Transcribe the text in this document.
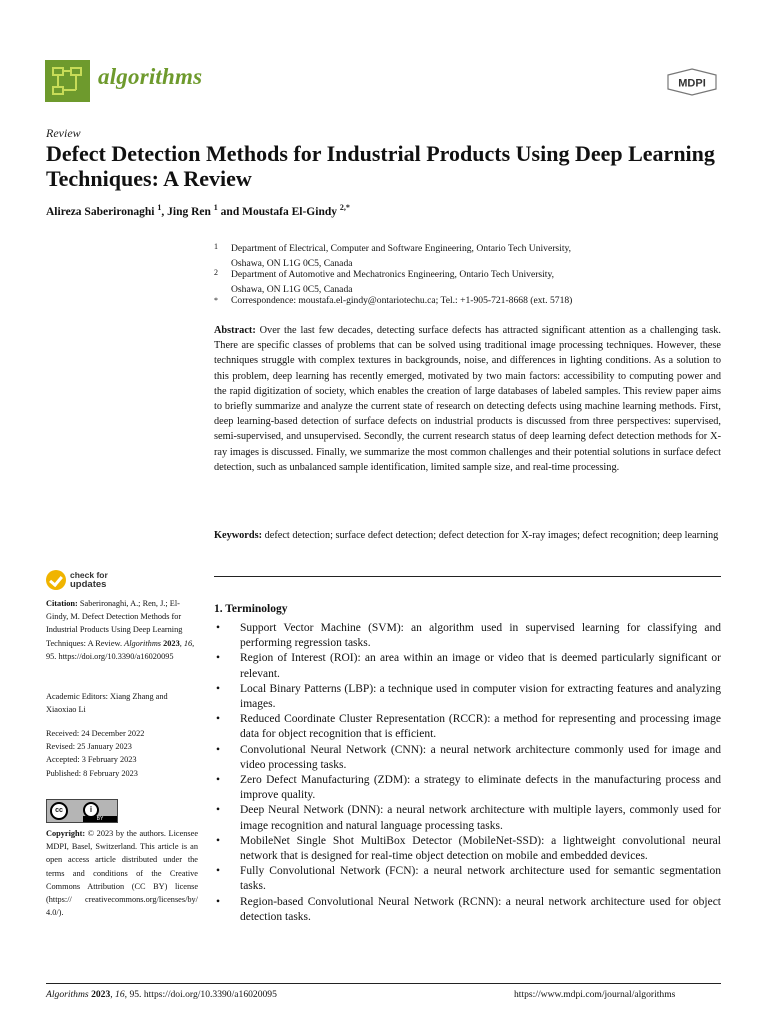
algorithms	MDPI
Review
Defect Detection Methods for Industrial Products Using Deep Learning Techniques: A Review
Alireza Saberironaghi $^1$, Jing Ren $^1$ and Moustafa El-Gindy $^{2,*}$
1 Department of Electrical, Computer and Software Engineering, Ontario Tech University,
Oshawa, ON L1G 0C5, Canada
2 Department of Automotive and Mechatronics Engineering, Ontario Tech University,
Oshawa, ON L1G 0C5, Canada
* Correspondence: moustafa.el-gindy@ontariotechu.ca; Tel.: +1-905-721-8668 (ext. 5718)
Abstract: Over the last few decades, detecting surface defects has attracted significant attention as a challenging task. There are specific classes of problems that can be solved using traditional image processing techniques. However, these techniques struggle with complex textures in backgrounds, noise, and differences in lighting conditions. As a solution to this problem, deep learning has recently emerged, motivated by two main factors: accessibility to computing power and the rapid digitization of society, which enables the creation of large databases of labeled samples. This review paper aims to briefly summarize and analyze the current state of research on detecting defects using machine learning methods. First, deep learning-based detection of surface defects on industrial products is discussed from three perspectives: supervised, semi-supervised, and unsupervised. Secondly, the current research status of deep learning defect detection methods for X-ray images is discussed. Finally, we summarize the most common challenges and their potential solutions in surface defect detection, such as unbalanced sample identification, limited sample size, and real-time processing.
Keywords: defect detection; surface defect detection; defect detection for X-ray images; defect recognition; deep learning
1. Terminology
• Support Vector Machine (SVM): an algorithm used in supervised learning for classifying and performing regression tasks.
• Region of Interest (ROI): an area within an image or video that is deemed particularly significant or relevant.
• Local Binary Patterns (LBP): a technique used in computer vision for extracting features and analyzing images.
• Reduced Coordinate Cluster Representation (RCCR): a method for representing and processing image data for object recognition that is efficient.
• Convolutional Neural Network (CNN): a neural network architecture commonly used for image and video processing tasks.
• Zero Defect Manufacturing (ZDM): a strategy to eliminate defects in the manufacturing process and improve quality.
• Deep Neural Network (DNN): a neural network architecture with multiple layers, commonly used for image recognition and natural language processing tasks.
• MobileNet Single Shot MultiBox Detector (MobileNet-SSD): a lightweight convolutional neural network that is designed for real-time object detection on mobile and embedded devices.
• Fully Convolutional Network (FCN): a neural network architecture used for semantic segmentation tasks.
• Region-based Convolutional Neural Network (RCNN): a neural network architecture used for object detection tasks.
check for
updates
Citation: Saberironaghi, A.; Ren, J.; El-Gindy, M. Defect Detection Methods for Industrial Products Using Deep Learning Techniques: A Review. Algorithms 2023, 16, 95. https://doi.org/10.3390/a16020095
Academic Editors: Xiang Zhang and Xiaoxiao Li
Received: 24 December 2022
Revised: 25 January 2023
Accepted: 3 February 2023
Published: 8 February 2023
cc	i
BY
Copyright: © 2023 by the authors. Licensee MDPI, Basel, Switzerland. This article is an open access article distributed under the terms and conditions of the Creative Commons Attribution (CC BY) license (https:// creativecommons.org/licenses/by/ 4.0/).
Algorithms 2023, 16, 95. https://doi.org/10.3390/a16020095	https://www.mdpi.com/journal/algorithms
